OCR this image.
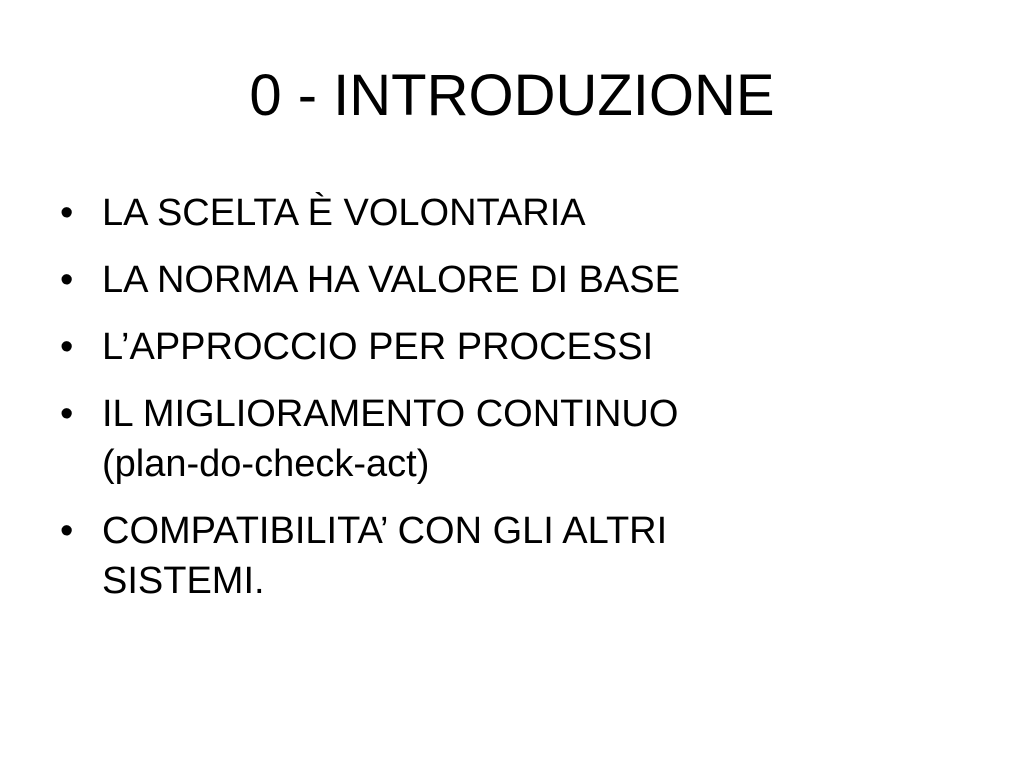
0 - INTRODUZIONE
• LA SCELTA È VOLONTARIA
• LA NORMA HA VALORE DI BASE
• L’APPROCCIO PER PROCESSI
• IL MIGLIORAMENTO CONTINUO
(plan-do-check-act)
• COMPATIBILITA’ CON GLI ALTRI
SISTEMI.
